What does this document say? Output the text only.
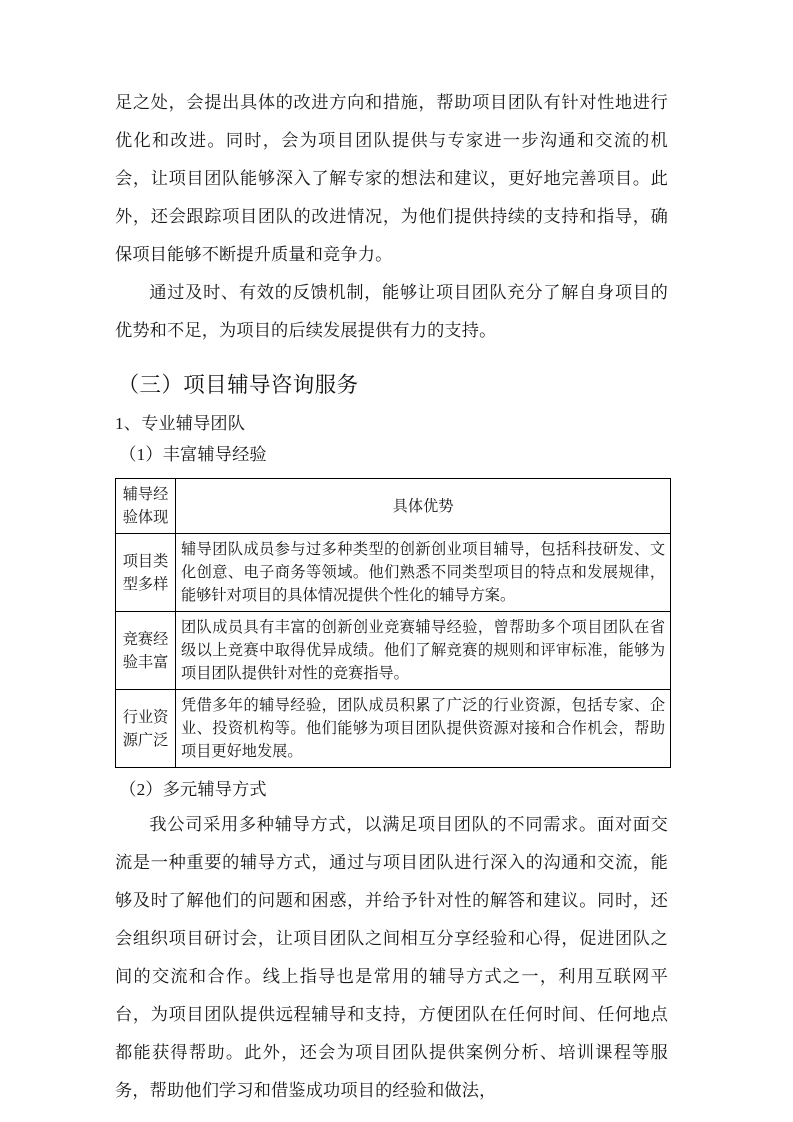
足之处，会提出具体的改进方向和措施，帮助项目团队有针对性地进行优化和改进。同时，会为项目团队提供与专家进一步沟通和交流的机会，让项目团队能够深入了解专家的想法和建议，更好地完善项目。此外，还会跟踪项目团队的改进情况，为他们提供持续的支持和指导，确保项目能够不断提升质量和竞争力。

通过及时、有效的反馈机制，能够让项目团队充分了解自身项目的优势和不足，为项目的后续发展提供有力的支持。

（三）项目辅导咨询服务

1、专业辅导团队

（1）丰富辅导经验

辅导经验体现	具体优势
项目类型多样	辅导团队成员参与过多种类型的创新创业项目辅导，包括科技研发、文化创意、电子商务等领域。他们熟悉不同类型项目的特点和发展规律，能够针对项目的具体情况提供个性化的辅导方案。
竞赛经验丰富	团队成员具有丰富的创新创业竞赛辅导经验，曾帮助多个项目团队在省级以上竞赛中取得优异成绩。他们了解竞赛的规则和评审标准，能够为项目团队提供针对性的竞赛指导。
行业资源广泛	凭借多年的辅导经验，团队成员积累了广泛的行业资源，包括专家、企业、投资机构等。他们能够为项目团队提供资源对接和合作机会，帮助项目更好地发展。

（2）多元辅导方式

我公司采用多种辅导方式，以满足项目团队的不同需求。面对面交流是一种重要的辅导方式，通过与项目团队进行深入的沟通和交流，能够及时了解他们的问题和困惑，并给予针对性的解答和建议。同时，还会组织项目研讨会，让项目团队之间相互分享经验和心得，促进团队之间的交流和合作。线上指导也是常用的辅导方式之一，利用互联网平台，为项目团队提供远程辅导和支持，方便团队在任何时间、任何地点都能获得帮助。此外，还会为项目团队提供案例分析、培训课程等服务，帮助他们学习和借鉴成功项目的经验和做法，
